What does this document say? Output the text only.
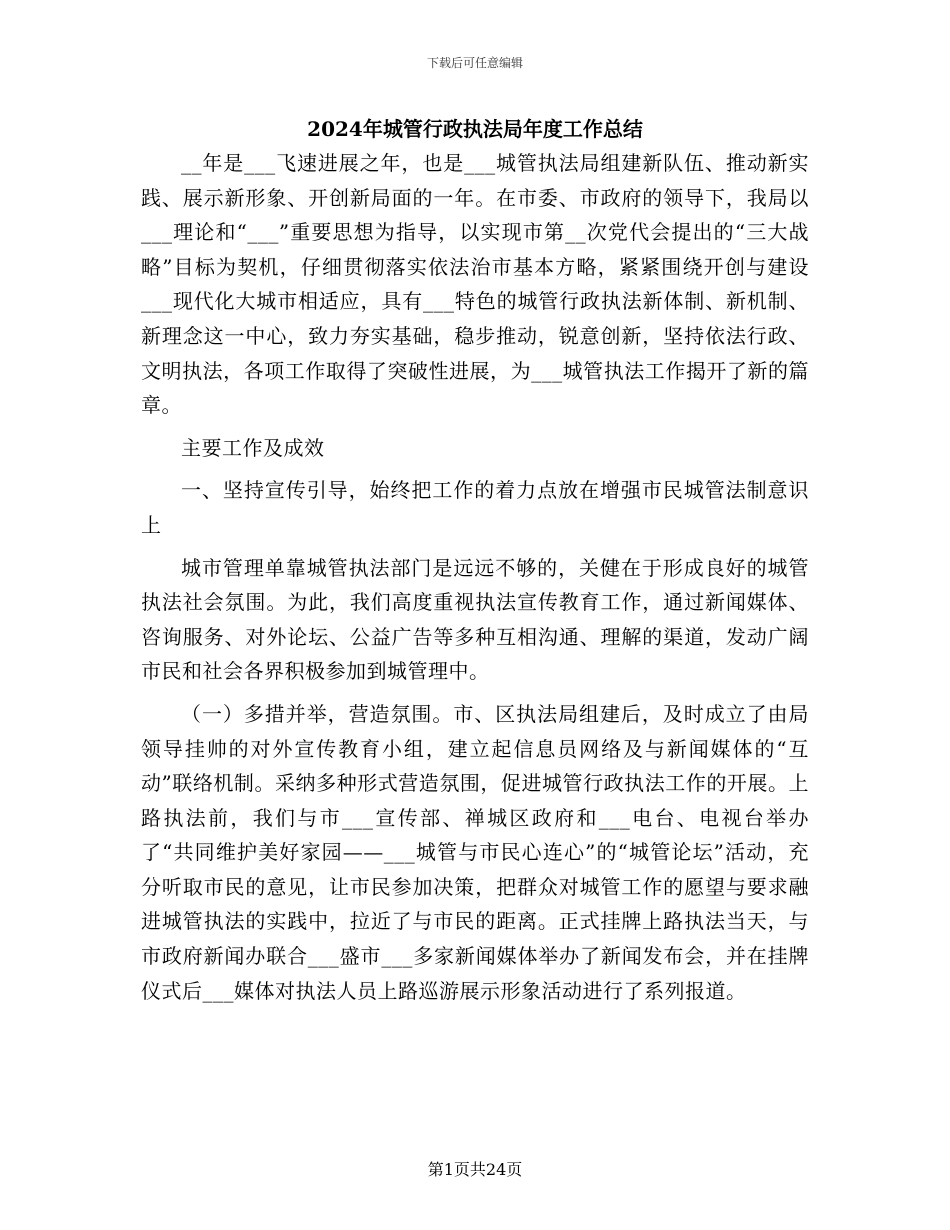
下载后可任意编辑
2024年城管行政执法局年度工作总结

__年是___飞速进展之年，也是___城管执法局组建新队伍、推动新实践、展示新形象、开创新局面的一年。在市委、市政府的领导下，我局以___理论和“___”重要思想为指导，以实现市第__次党代会提出的“三大战略”目标为契机，仔细贯彻落实依法治市基本方略，紧紧围绕开创与建设___现代化大城市相适应，具有___特色的城管行政执法新体制、新机制、新理念这一中心，致力夯实基础，稳步推动，锐意创新，坚持依法行政、文明执法，各项工作取得了突破性进展，为___城管执法工作揭开了新的篇章。

主要工作及成效

一、坚持宣传引导，始终把工作的着力点放在增强市民城管法制意识上

城市管理单靠城管执法部门是远远不够的，关健在于形成良好的城管执法社会氛围。为此，我们高度重视执法宣传教育工作，通过新闻媒体、咨询服务、对外论坛、公益广告等多种互相沟通、理解的渠道，发动广阔市民和社会各界积极参加到城管理中。

（一）多措并举，营造氛围。市、区执法局组建后，及时成立了由局领导挂帅的对外宣传教育小组，建立起信息员网络及与新闻媒体的“互动”联络机制。采纳多种形式营造氛围，促进城管行政执法工作的开展。上路执法前，我们与市___宣传部、禅城区政府和___电台、电视台举办了“共同维护美好家园——___城管与市民心连心”的“城管论坛”活动，充分听取市民的意见，让市民参加决策，把群众对城管工作的愿望与要求融进城管执法的实践中，拉近了与市民的距离。正式挂牌上路执法当天，与市政府新闻办联合___盛市___多家新闻媒体举办了新闻发布会，并在挂牌仪式后___媒体对执法人员上路巡游展示形象活动进行了系列报道。

第1页共24页
